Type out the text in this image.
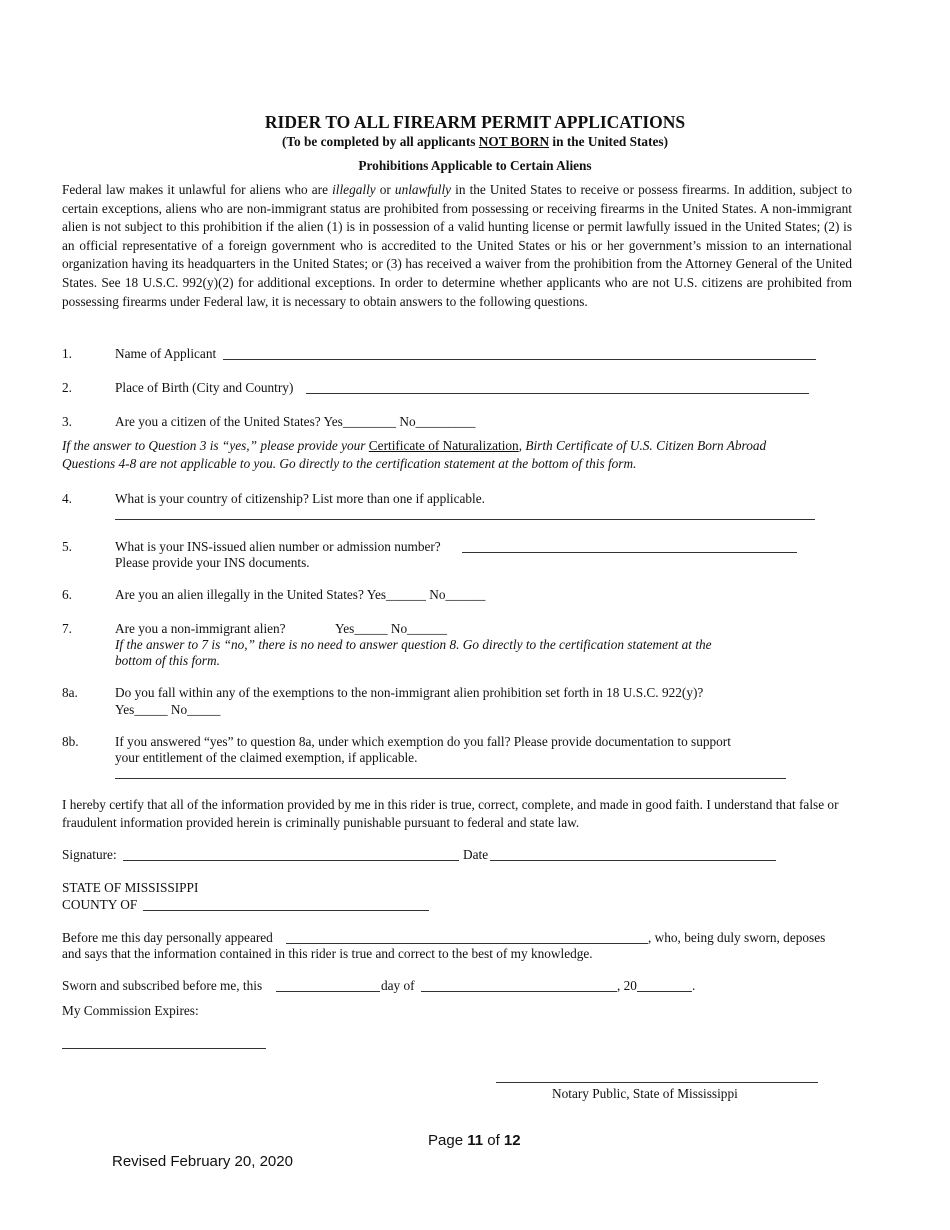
RIDER TO ALL FIREARM PERMIT APPLICATIONS
(To be completed by all applicants NOT BORN in the United States)
Prohibitions Applicable to Certain Aliens
Federal law makes it unlawful for aliens who are illegally or unlawfully in the United States to receive or possess firearms. In addition, subject to certain exceptions, aliens who are non-immigrant status are prohibited from possessing or receiving firearms in the United States. A non-immigrant alien is not subject to this prohibition if the alien (1) is in possession of a valid hunting license or permit lawfully issued in the United States; (2) is an official representative of a foreign government who is accredited to the United States or his or her government’s mission to an international organization having its headquarters in the United States; or (3) has received a waiver from the prohibition from the Attorney General of the United States. See 18 U.S.C. 992(y)(2) for additional exceptions. In order to determine whether applicants who are not U.S. citizens are prohibited from possessing firearms under Federal law, it is necessary to obtain answers to the following questions.
1.	Name of Applicant
2.	Place of Birth (City and Country)
3.	Are you a citizen of the United States? Yes________ No_________
If the answer to Question 3 is “yes,” please provide your Certificate of Naturalization, Birth Certificate of U.S. Citizen Born Abroad
Questions 4-8 are not applicable to you. Go directly to the certification statement at the bottom of this form.
4.	What is your country of citizenship? List more than one if applicable.
5.	What is your INS-issued alien number or admission number?
Please provide your INS documents.
6.	Are you an alien illegally in the United States? Yes______ No______
7.	Are you a non-immigrant alien?	Yes_____ No______
If the answer to 7 is “no,” there is no need to answer question 8. Go directly to the certification statement at the
bottom of this form.
8a.	Do you fall within any of the exemptions to the non-immigrant alien prohibition set forth in 18 U.S.C. 922(y)?
Yes_____ No_____
8b.	If you answered “yes” to question 8a, under which exemption do you fall? Please provide documentation to support
your entitlement of the claimed exemption, if applicable.
I hereby certify that all of the information provided by me in this rider is true, correct, complete, and made in good faith. I understand that false or fraudulent information provided herein is criminally punishable pursuant to federal and state law.
Signature:	Date
STATE OF MISSISSIPPI
COUNTY OF
Before me this day personally appeared	, who, being duly sworn, deposes
and says that the information contained in this rider is true and correct to the best of my knowledge.
Sworn and subscribed before me, this	day of	, 20	.
My Commission Expires:
Notary Public, State of Mississippi
Page 11 of 12
Revised February 20, 2020
